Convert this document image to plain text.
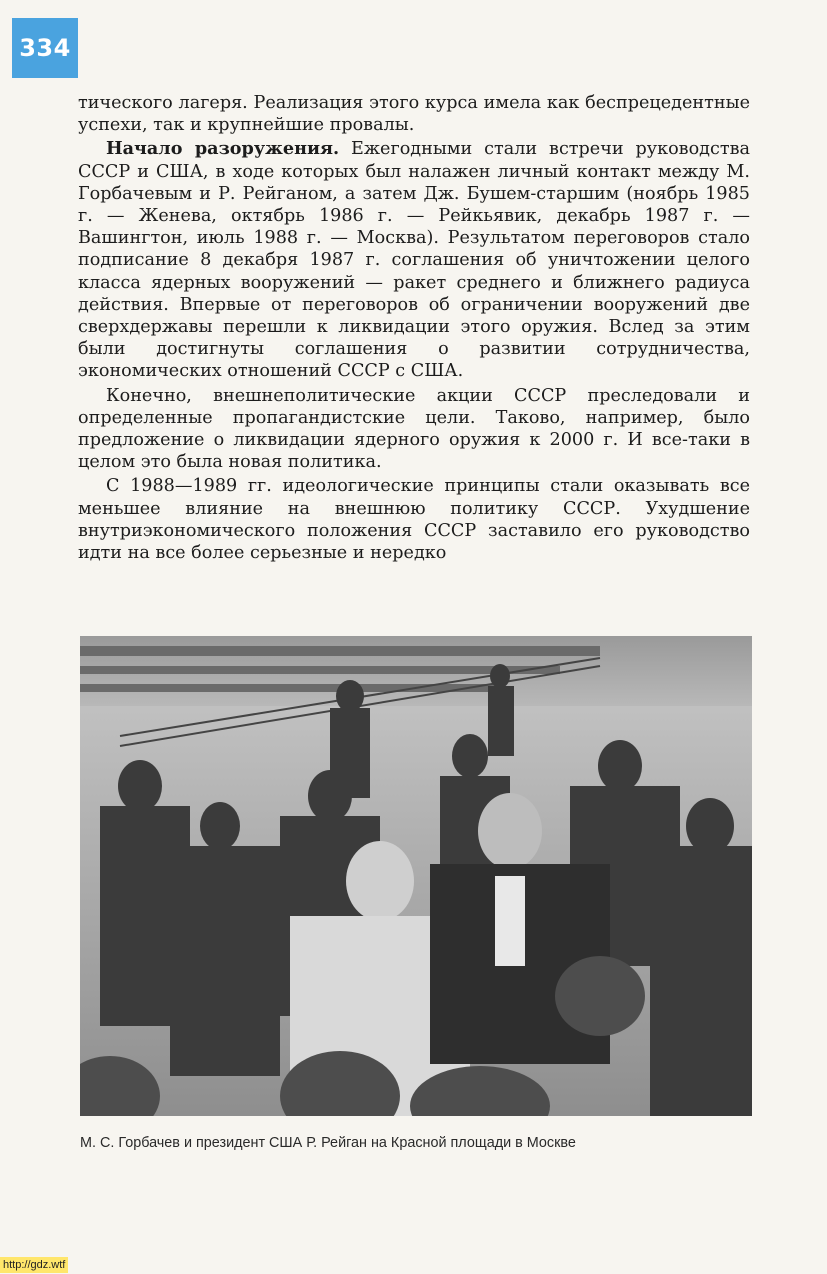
334

тического лагеря. Реализация этого курса имела как беспрецедентные успехи, так и крупнейшие провалы.

Начало разоружения. Ежегодными стали встречи руководства СССР и США, в ходе которых был налажен личный контакт между М. Горбачевым и Р. Рейганом, а затем Дж. Бушем-старшим (ноябрь 1985 г. — Женева, октябрь 1986 г. — Рейкьявик, декабрь 1987 г. — Вашингтон, июль 1988 г. — Москва). Результатом переговоров стало подписание 8 декабря 1987 г. соглашения об уничтожении целого класса ядерных вооружений — ракет среднего и ближнего радиуса действия. Впервые от переговоров об ограничении вооружений две сверхдержавы перешли к ликвидации этого оружия. Вслед за этим были достигнуты соглашения о развитии сотрудничества, экономических отношений СССР с США.

Конечно, внешнеполитические акции СССР преследовали и определенные пропагандистские цели. Таково, например, было предложение о ликвидации ядерного оружия к 2000 г. И все-таки в целом это была новая политика.

С 1988—1989 гг. идеологические принципы стали оказывать все меньшее влияние на внешнюю политику СССР. Ухудшение внутриэкономического положения СССР заставило его руководство идти на все более серьезные и нередко

М. С. Горбачев и президент США Р. Рейган на Красной площади в Москве
http://gdz.wtf
